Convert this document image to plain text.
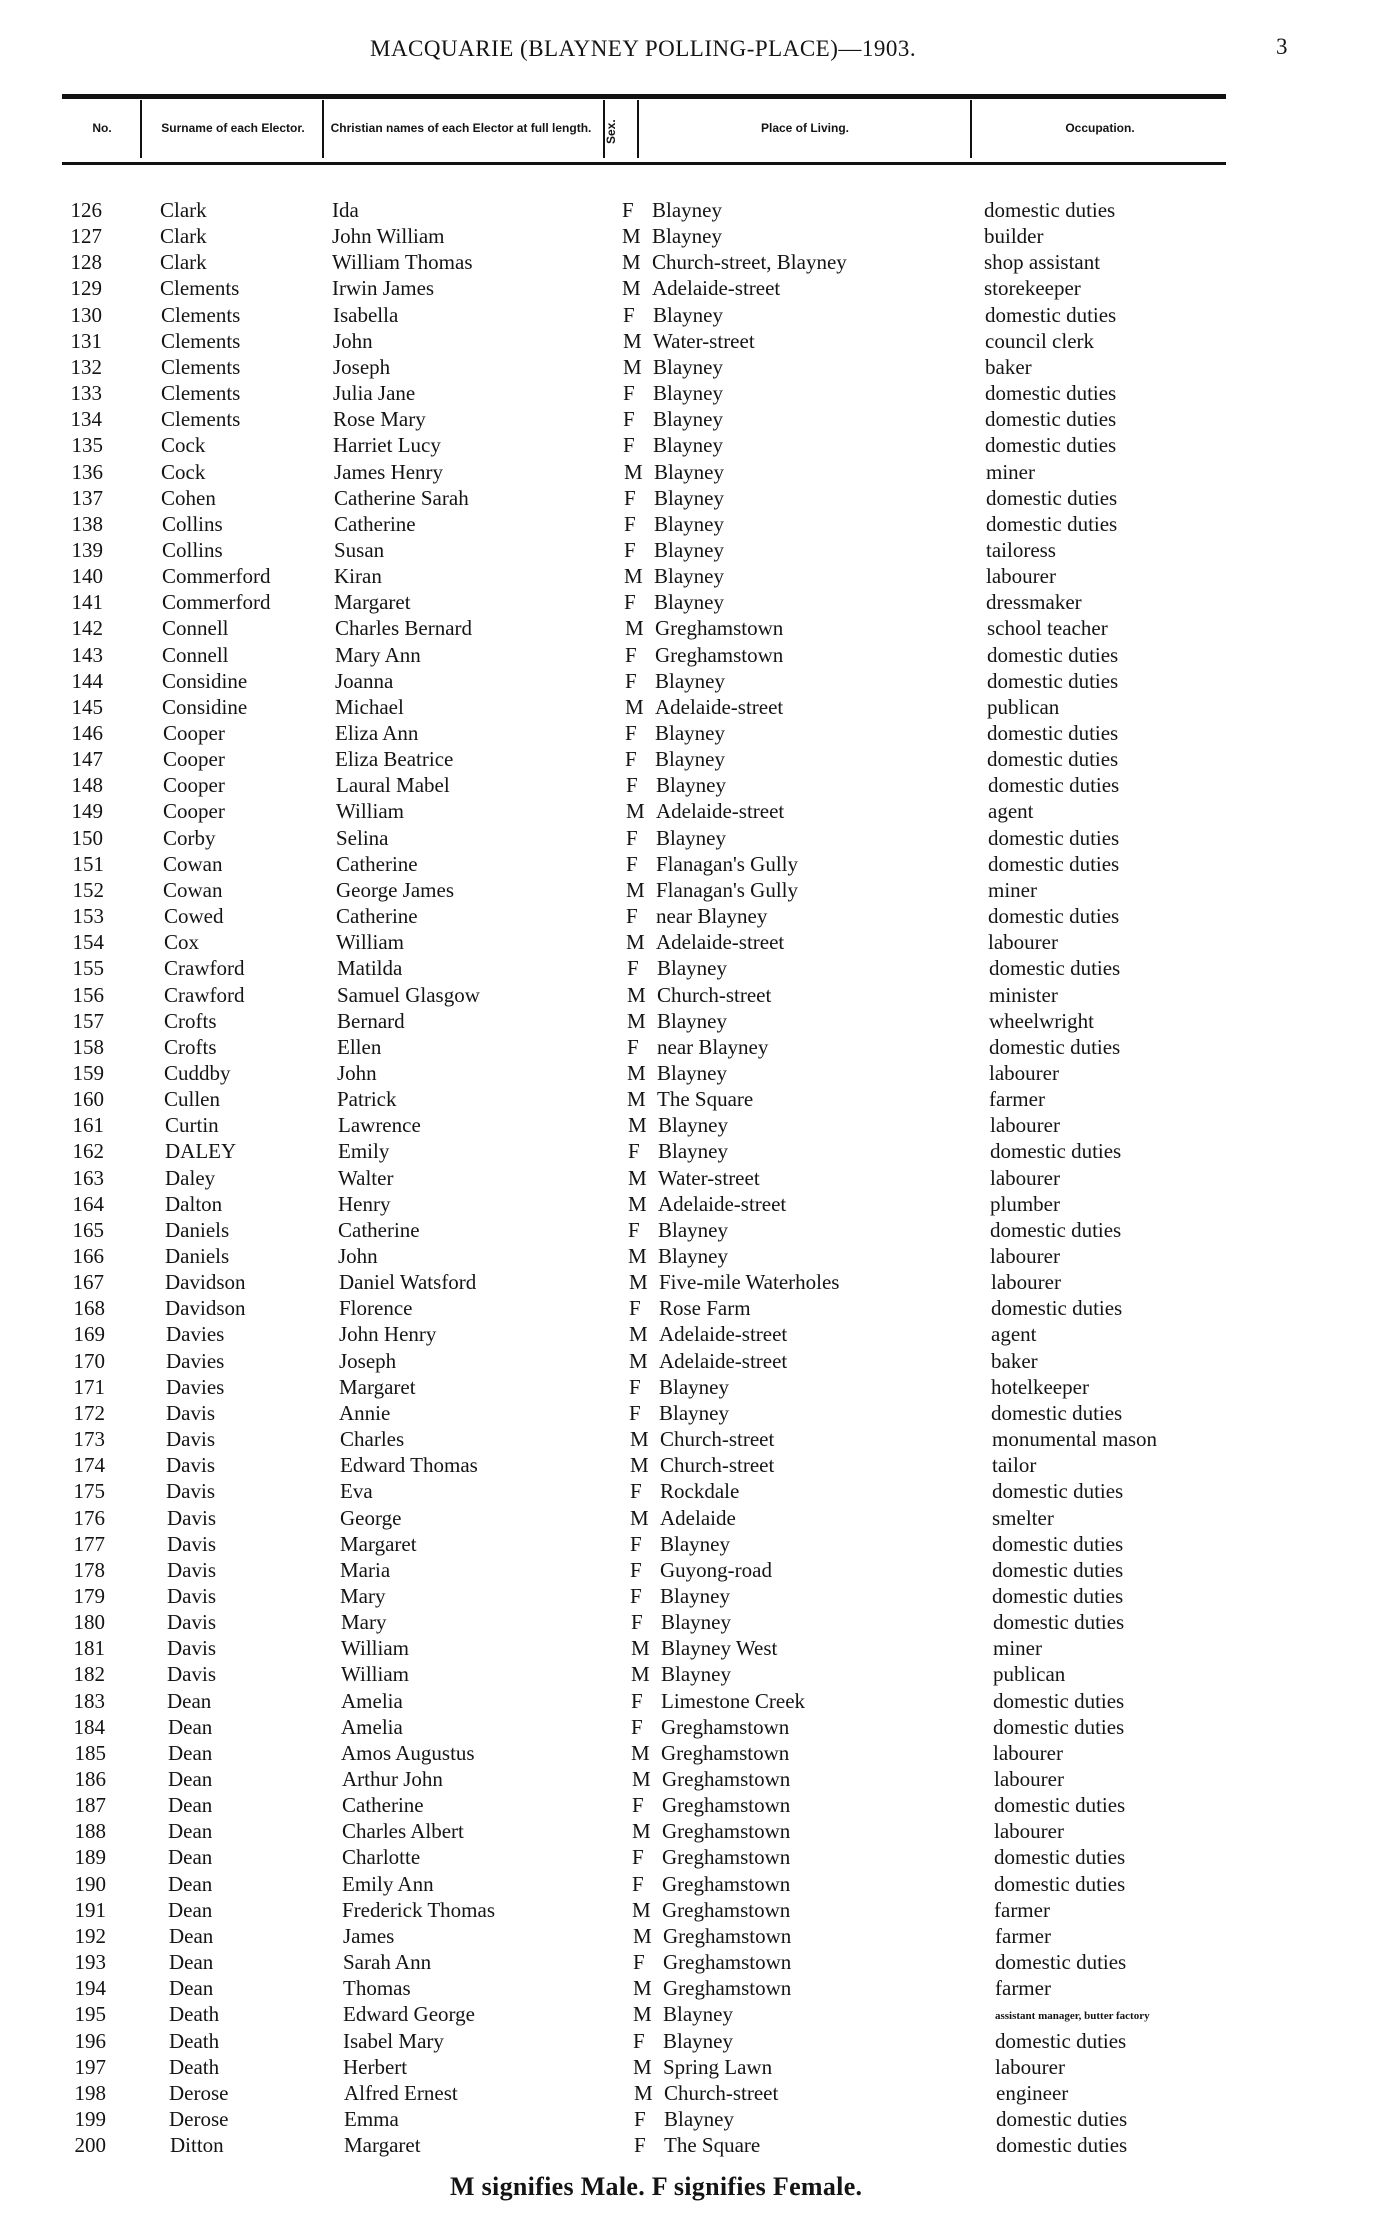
MACQUARIE (BLAYNEY POLLING-PLACE)—1903.	3
No.	Surname of each Elector.	Christian names of each Elector at full length. Sex.	Place of Living.	Occupation.
126	Clark	Ida	F Blayney	domestic duties
127	Clark	John William	M Blayney	builder
128	Clark	William Thomas	M Church-street, Blayney	shop assistant
129	Clements	Irwin James	M Adelaide-street	storekeeper
130	Clements	Isabella	F Blayney	domestic duties
131	Clements	John	M Water-street	council clerk
132	Clements	Joseph	M Blayney	baker
133	Clements	Julia Jane	F Blayney	domestic duties
134	Clements	Rose Mary	F Blayney	domestic duties
135	Cock	Harriet Lucy	F Blayney	domestic duties
136	Cock	James Henry	M Blayney	miner
137	Cohen	Catherine Sarah	F Blayney	domestic duties
138	Collins	Catherine	F Blayney	domestic duties
139	Collins	Susan	F Blayney	tailoress
140	Commerford	Kiran	M Blayney	labourer
141	Commerford	Margaret	F Blayney	dressmaker
142	Connell	Charles Bernard	M Greghamstown	school teacher
143	Connell	Mary Ann	F Greghamstown	domestic duties
144	Considine	Joanna	F Blayney	domestic duties
145	Considine	Michael	M Adelaide-street	publican
146	Cooper	Eliza Ann	F Blayney	domestic duties
147	Cooper	Eliza Beatrice	F Blayney	domestic duties
148	Cooper	Laural Mabel	F Blayney	domestic duties
149	Cooper	William	M Adelaide-street	agent
150	Corby	Selina	F Blayney	domestic duties
151	Cowan	Catherine	F Flanagan's Gully	domestic duties
152	Cowan	George James	M Flanagan's Gully	miner
153	Cowed	Catherine	F near Blayney	domestic duties
154	Cox	William	M Adelaide-street	labourer
155	Crawford	Matilda	F Blayney	domestic duties
156	Crawford	Samuel Glasgow	M Church-street	minister
157	Crofts	Bernard	M Blayney	wheelwright
158	Crofts	Ellen	F near Blayney	domestic duties
159	Cuddby	John	M Blayney	labourer
160	Cullen	Patrick	M The Square	farmer
161	Curtin	Lawrence	M Blayney	labourer
162	DALEY	Emily	F Blayney	domestic duties
163	Daley	Walter	M Water-street	labourer
164	Dalton	Henry	M Adelaide-street	plumber
165	Daniels	Catherine	F Blayney	domestic duties
166	Daniels	John	M Blayney	labourer
167	Davidson	Daniel Watsford	M Five-mile Waterholes	labourer
168	Davidson	Florence	F Rose Farm	domestic duties
169	Davies	John Henry	M Adelaide-street	agent
170	Davies	Joseph	M Adelaide-street	baker
171	Davies	Margaret	F Blayney	hotelkeeper
172	Davis	Annie	F Blayney	domestic duties
173	Davis	Charles	M Church-street	monumental mason
174	Davis	Edward Thomas	M Church-street	tailor
175	Davis	Eva	F Rockdale	domestic duties
176	Davis	George	M Adelaide	smelter
177	Davis	Margaret	F Blayney	domestic duties
178	Davis	Maria	F Guyong-road	domestic duties
179	Davis	Mary	F Blayney	domestic duties
180	Davis	Mary	F Blayney	domestic duties
181	Davis	William	M Blayney West	miner
182	Davis	William	M Blayney	publican
183	Dean	Amelia	F Limestone Creek	domestic duties
184	Dean	Amelia	F Greghamstown	domestic duties
185	Dean	Amos Augustus	M Greghamstown	labourer
186	Dean	Arthur John	M Greghamstown	labourer
187	Dean	Catherine	F Greghamstown	domestic duties
188	Dean	Charles Albert	M Greghamstown	labourer
189	Dean	Charlotte	F Greghamstown	domestic duties
190	Dean	Emily Ann	F Greghamstown	domestic duties
191	Dean	Frederick Thomas	M Greghamstown	farmer
192	Dean	James	M Greghamstown	farmer
193	Dean	Sarah Ann	F Greghamstown	domestic duties
194	Dean	Thomas	M Greghamstown	farmer
195	Death	Edward George	M Blayney	assistant manager, butter factory
196	Death	Isabel Mary	F Blayney	domestic duties
197	Death	Herbert	M Spring Lawn	labourer
198	Derose	Alfred Ernest	M Church-street	engineer
199	Derose	Emma	F Blayney	domestic duties
200	Ditton	Margaret	F The Square	domestic duties
M signifies Male. F signifies Female.
